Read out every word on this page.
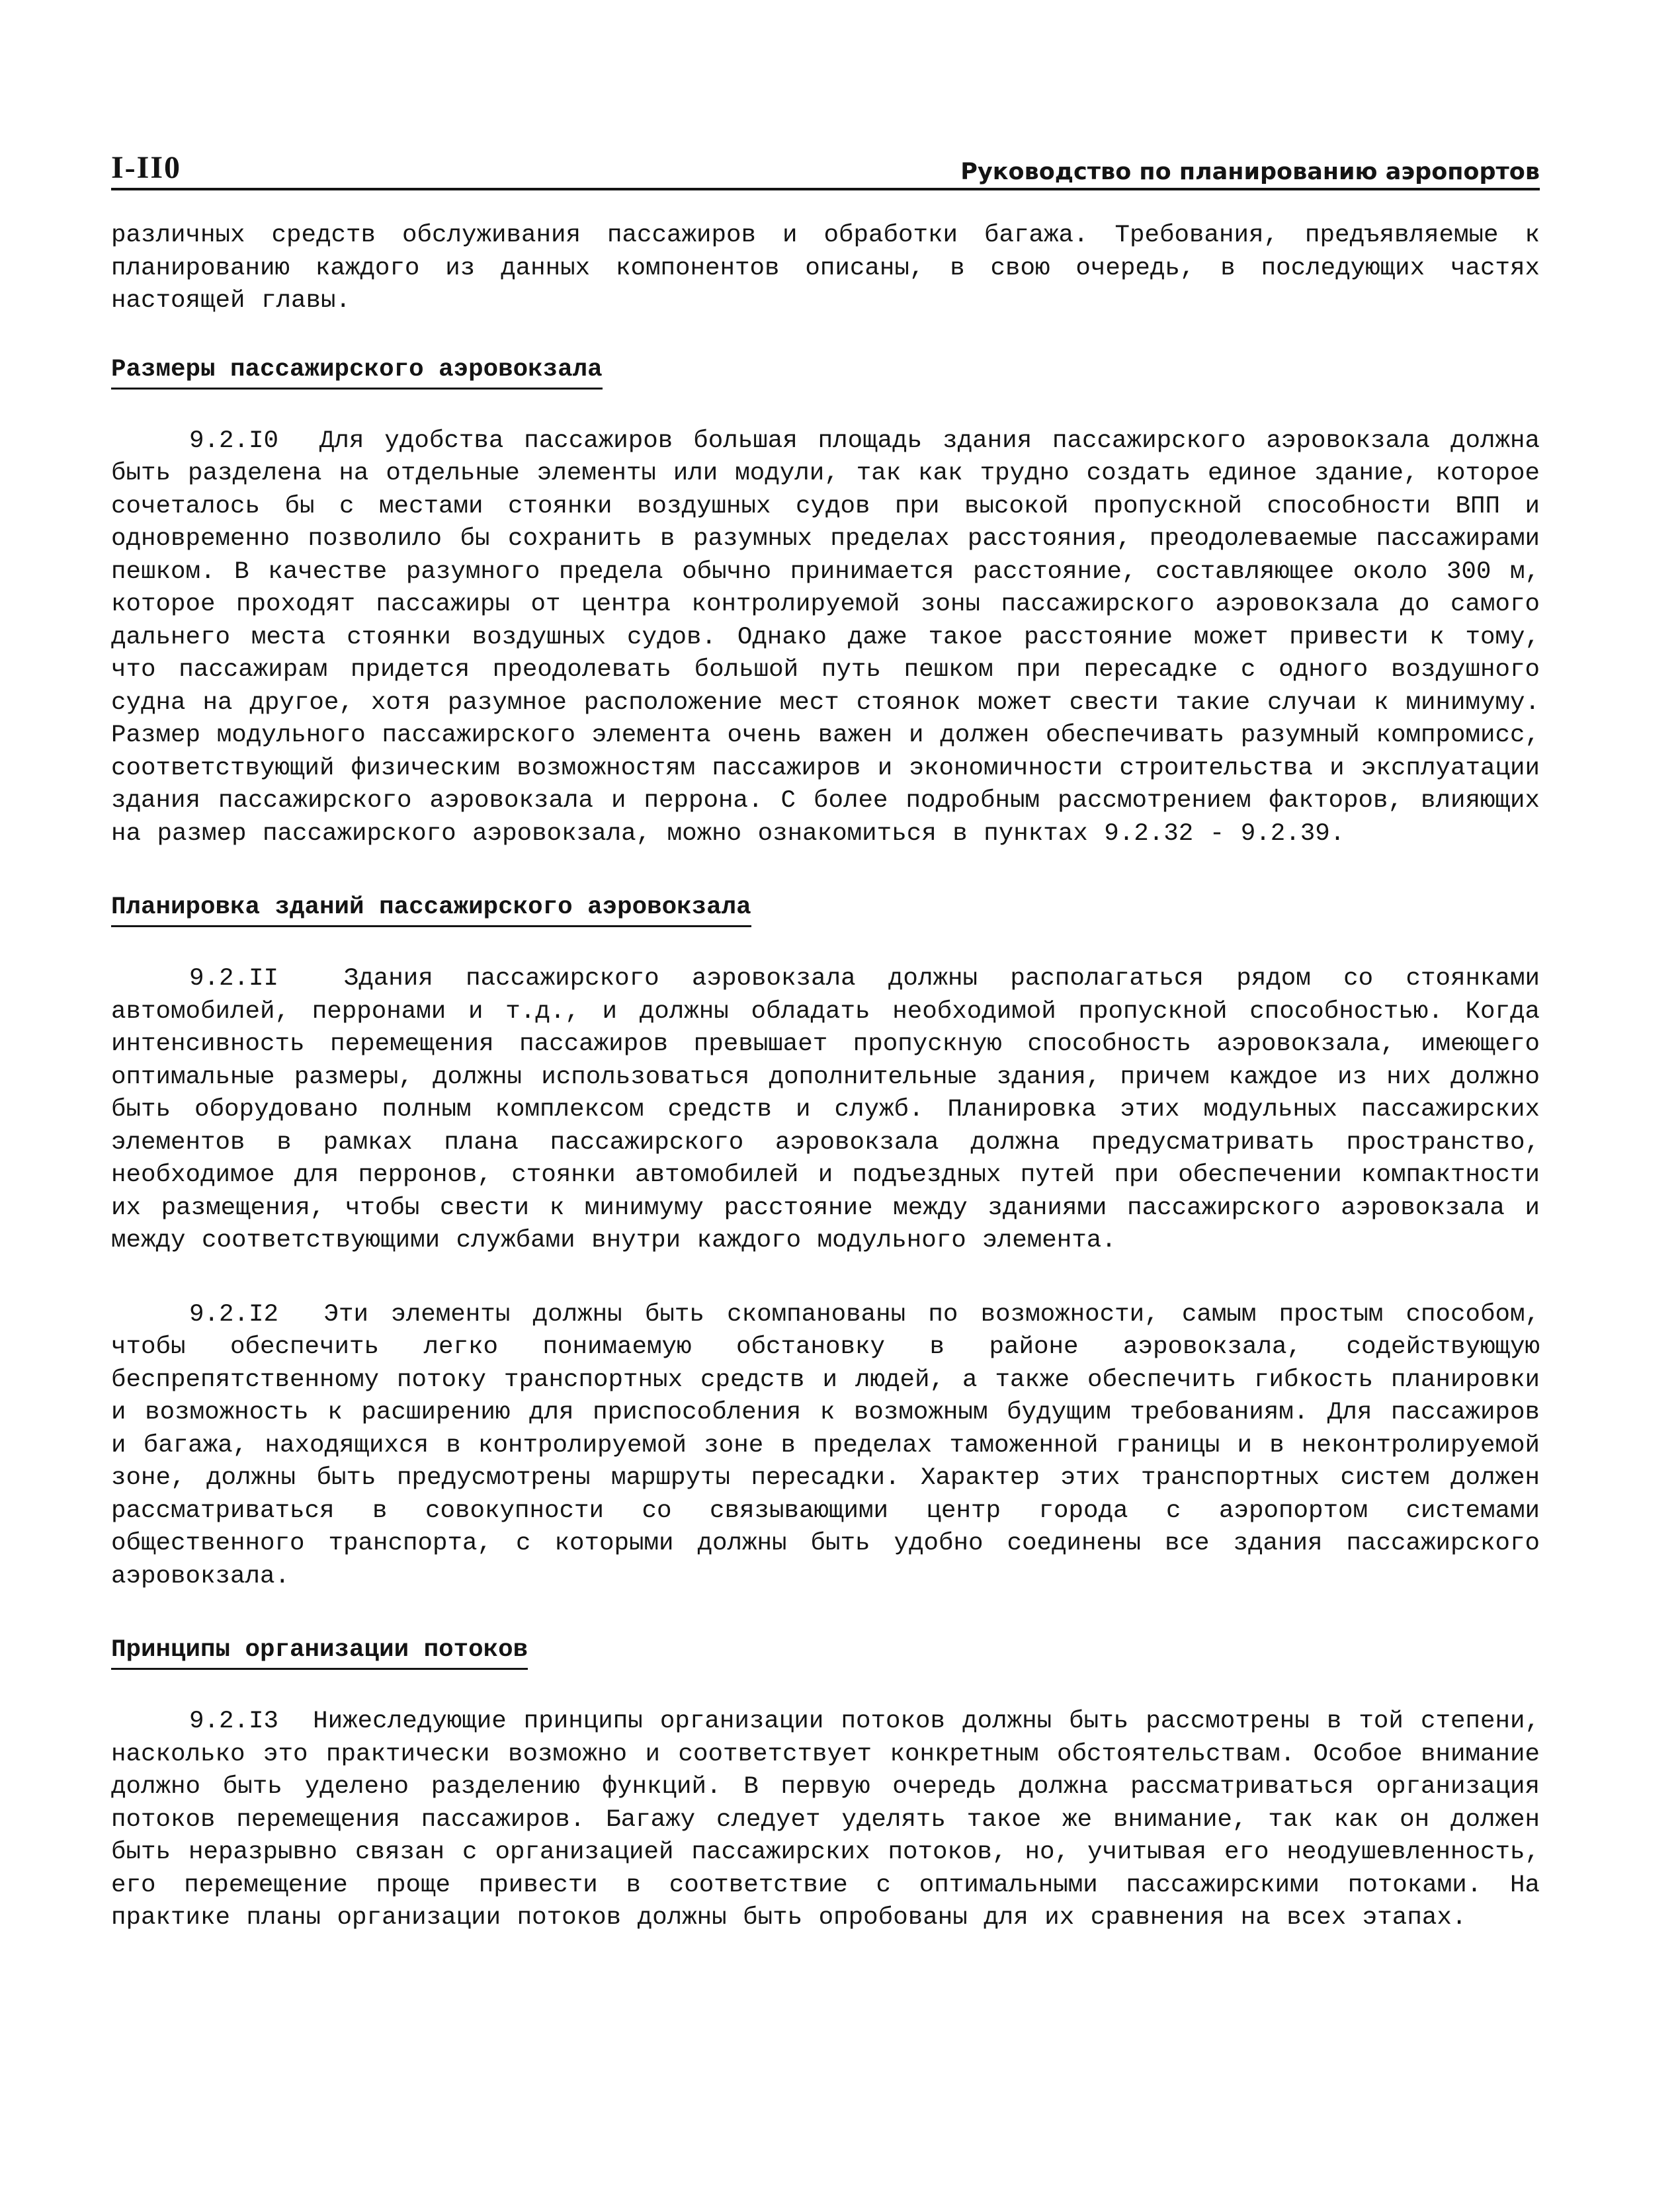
I-II0	Руководство по планированию аэропортов

различных средств обслуживания пассажиров и обработки багажа. Требования, предъявляемые к планированию каждого из данных компонентов описаны, в свою очередь, в последующих частях настоящей главы.

Размеры пассажирского аэровокзала

9.2.I0 Для удобства пассажиров большая площадь здания пассажирского аэровокзала должна быть разделена на отдельные элементы или модули, так как трудно создать единое здание, которое сочеталось бы с местами стоянки воздушных судов при высокой пропускной способности ВПП и одновременно позволило бы сохранить в разумных пределах расстояния, преодолеваемые пассажирами пешком. В качестве разумного предела обычно принимается расстояние, составляющее около 300 м, которое проходят пассажиры от центра контролируемой зоны пассажирского аэровокзала до самого дальнего места стоянки воздушных судов. Однако даже такое расстояние может привести к тому, что пассажирам придется преодолевать большой путь пешком при пересадке с одного воздушного судна на другое, хотя разумное расположение мест стоянок может свести такие случаи к минимуму. Размер модульного пассажирского элемента очень важен и должен обеспечивать разумный компромисс, соответствующий физическим возможностям пассажиров и экономичности строительства и эксплуатации здания пассажирского аэровокзала и перрона. С более подробным рассмотрением факторов, влияющих на размер пассажирского аэровокзала, можно ознакомиться в пунктах 9.2.32 - 9.2.39.

Планировка зданий пассажирского аэровокзала

9.2.II	Здания пассажирского аэровокзала должны располагаться рядом со стоянками автомобилей, перронами и т.д., и должны обладать необходимой пропускной способностью. Когда интенсивность перемещения пассажиров превышает пропускную способность аэровокзала, имеющего оптимальные размеры, должны использоваться дополнительные здания, причем каждое из них должно быть оборудовано полным комплексом средств и служб. Планировка этих модульных пассажирских элементов в рамках плана пассажирского аэровокзала должна предусматривать пространство, необходимое для перронов, стоянки автомобилей и подъездных путей при обеспечении компактности их размещения, чтобы свести к минимуму расстояние между зданиями пассажирского аэровокзала и между соответствующими службами внутри каждого модульного элемента.

9.2.I2 Эти элементы должны быть скомпанованы по возможности, самым простым способом, чтобы обеспечить легко понимаемую обстановку в районе аэровокзала, содействующую беспрепятственному потоку транспортных средств и людей, а также обеспечить гибкость планировки и возможность к расширению для приспособления к возможным будущим требованиям. Для пассажиров и багажа, находящихся в контролируемой зоне в пределах таможенной границы и в неконтролируемой зоне, должны быть предусмотрены маршруты пересадки. Характер этих транспортных систем должен рассматриваться в совокупности со связывающими центр города с аэропортом системами общественного транспорта, с которыми должны быть удобно соединены все здания пассажирского аэровокзала.

Принципы организации потоков

9.2.I3 Нижеследующие принципы организации потоков должны быть рассмотрены в той степени, насколько это практически возможно и соответствует конкретным обстоятельствам. Особое внимание должно быть уделено разделению функций. В первую очередь должна рассматриваться организация потоков перемещения пассажиров. Багажу следует уделять такое же внимание, так как он должен быть неразрывно связан с организацией пассажирских потоков, но, учитывая его неодушевленность, его перемещение проще привести в соответствие с оптимальными пассажирскими потоками. На практике планы организации потоков должны быть опробованы для их сравнения на всех этапах.
